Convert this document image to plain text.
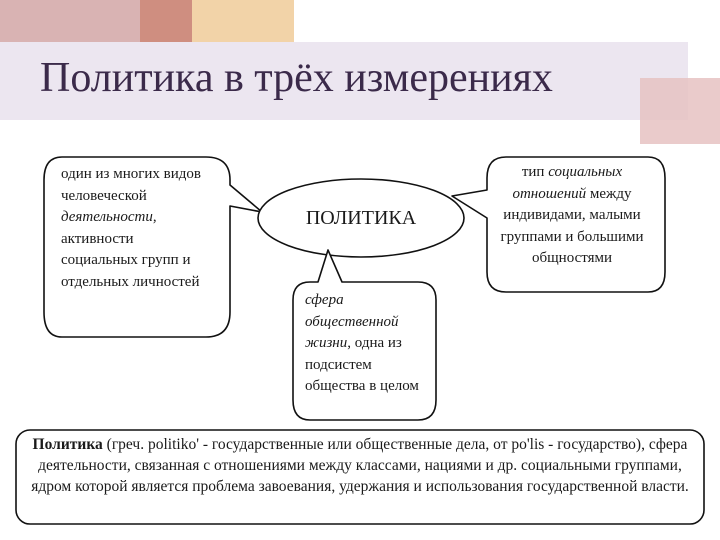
Политика в трёх измерениях
один из многих видов человеческой деятельности, активности социальных групп и отдельных личностей
ПОЛИТИКА
сфера общественной жизни, одна из подсистем общества в целом
тип социальных отношений между индивидами, малыми группами и большими общностями
Политика (греч. politiko' - государственные или общественные дела, от po'lis - государство), сфера деятельности, связанная с отношениями между классами, нациями и др. социальными группами, ядром которой является проблема завоевания, удержания и использования государственной власти.
